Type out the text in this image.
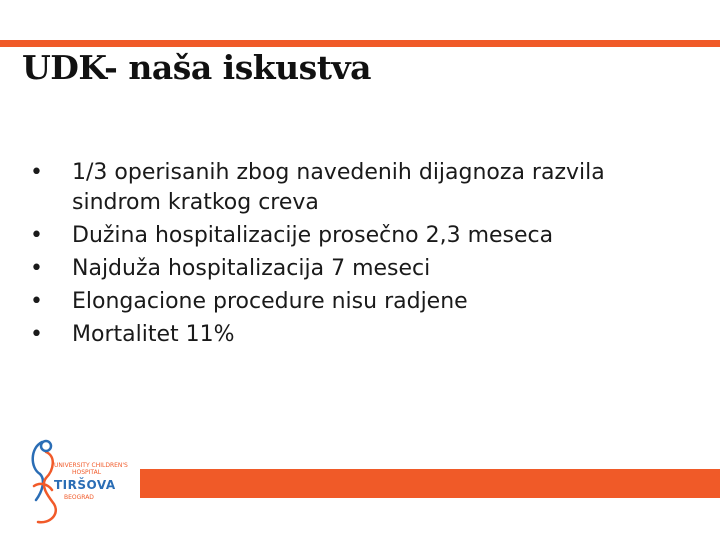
UDK- naša iskustva
• 1/3 operisanih zbog navedenih dijagnoza razvila sindrom kratkog creva
• Dužina hospitalizacije prosečno 2,3 meseca
• Najduža hospitalizacija 7 meseci
• Elongacione procedure nisu radjene
• Mortalitet 11%
UNIVERSITY CHILDREN'S
HOSPITAL
TIRŠOVA
BEOGRAD
